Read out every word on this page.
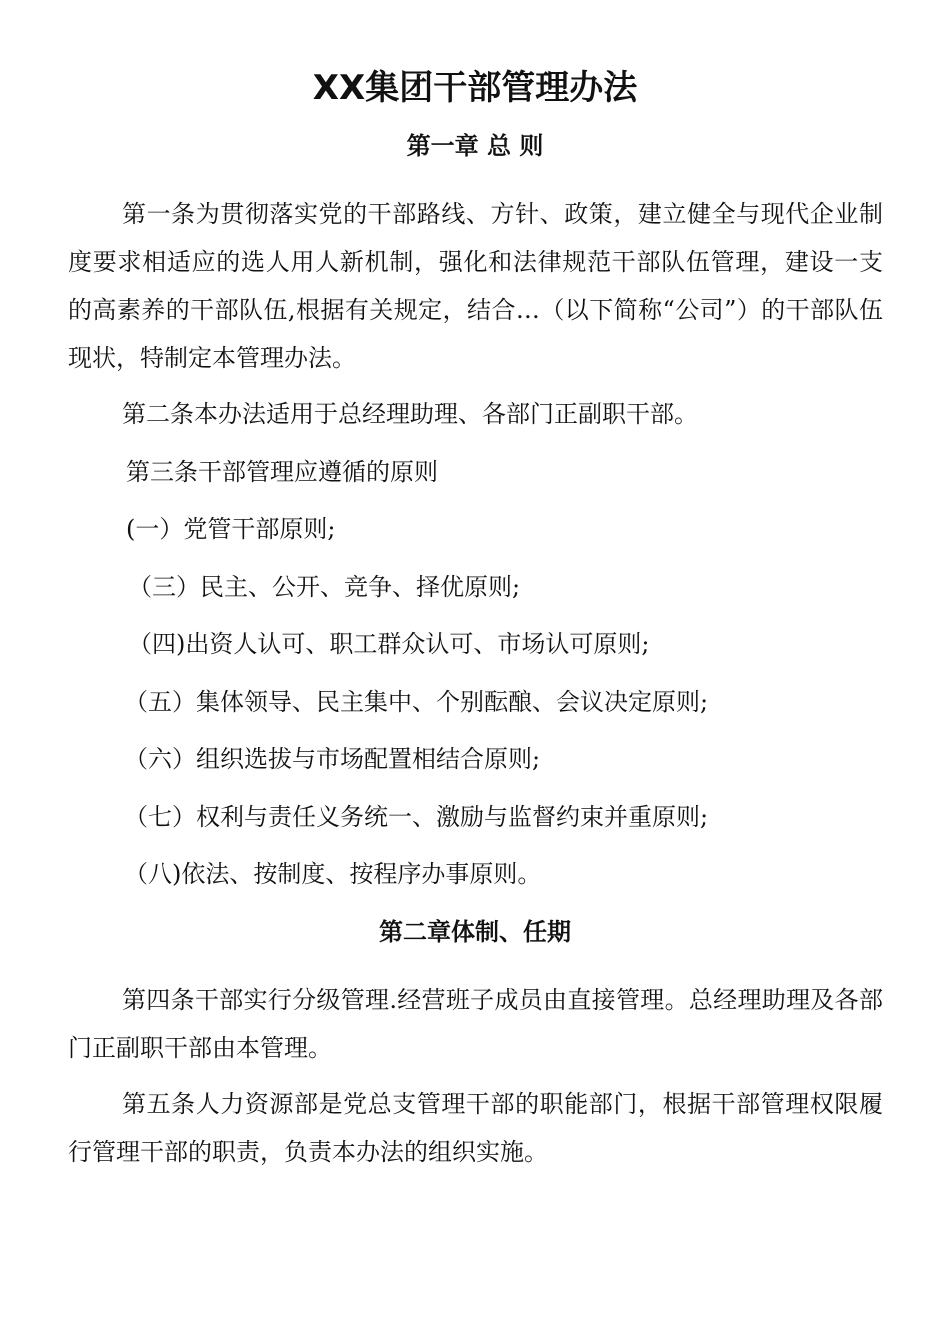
XX集团干部管理办法
第一章 总 则

第一条为贯彻落实党的干部路线、方针、政策，建立健全与现代企业制度要求相适应的选人用人新机制，强化和法律规范干部队伍管理，建设一支的高素养的干部队伍,根据有关规定，结合…（以下简称“公司”）的干部队伍现状，特制定本管理办法。

第二条本办法适用于总经理助理、各部门正副职干部。

第三条干部管理应遵循的原则

(一）党管干部原则;

（三）民主、公开、竞争、择优原则;

（四)出资人认可、职工群众认可、市场认可原则;

（五）集体领导、民主集中、个别酝酿、会议决定原则;

（六）组织选拔与市场配置相结合原则;

（七）权利与责任义务统一、激励与监督约束并重原则;

（八)依法、按制度、按程序办事原则。

第二章体制、任期

第四条干部实行分级管理.经营班子成员由直接管理。总经理助理及各部门正副职干部由本管理。

第五条人力资源部是党总支管理干部的职能部门，根据干部管理权限履行管理干部的职责，负责本办法的组织实施。
